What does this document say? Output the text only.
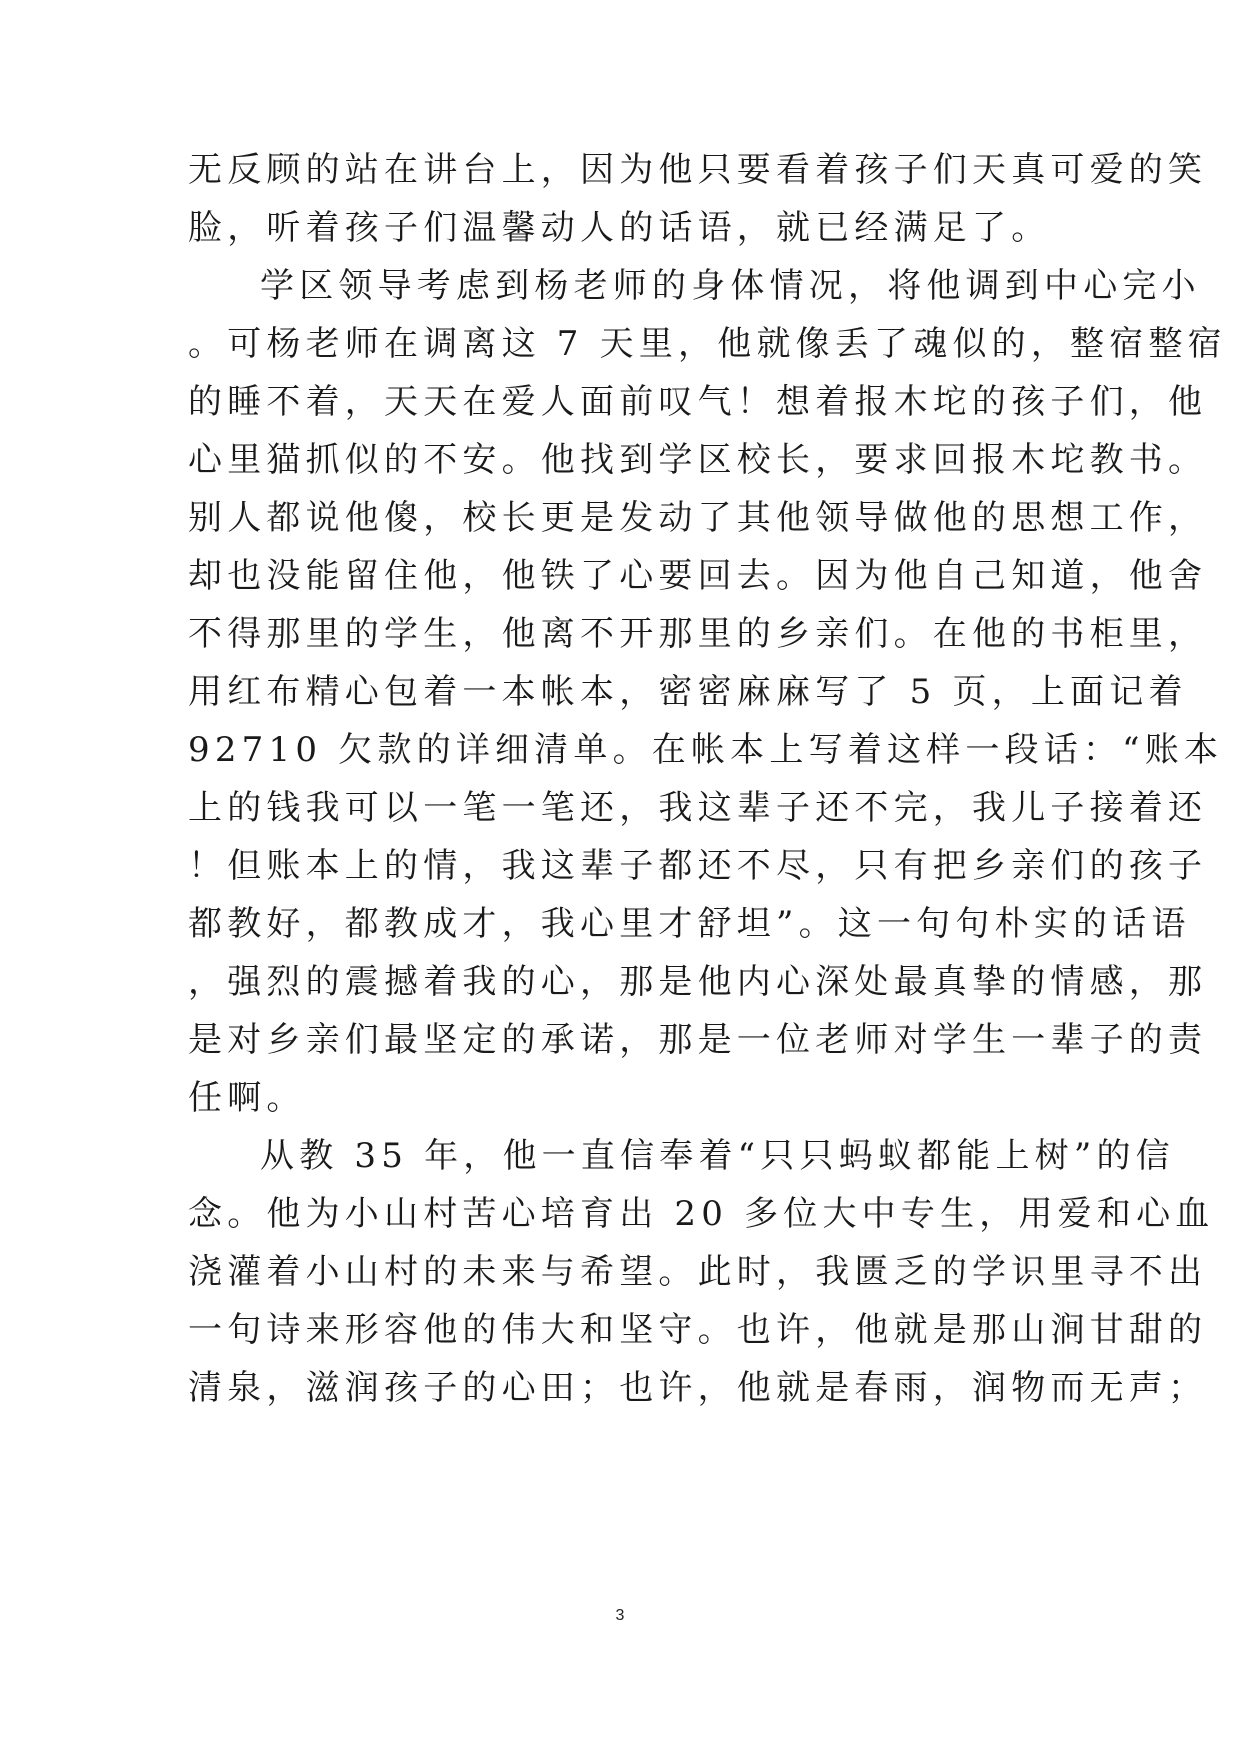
无反顾的站在讲台上，因为他只要看着孩子们天真可爱的笑
脸，听着孩子们温馨动人的话语，就已经满足了。
学区领导考虑到杨老师的身体情况，将他调到中心完小
。可杨老师在调离这 7 天里，他就像丢了魂似的，整宿整宿
的睡不着，天天在爱人面前叹气！想着报木坨的孩子们，他
心里猫抓似的不安。他找到学区校长，要求回报木坨教书。
别人都说他傻，校长更是发动了其他领导做他的思想工作，
却也没能留住他，他铁了心要回去。因为他自己知道，他舍
不得那里的学生，他离不开那里的乡亲们。在他的书柜里，
用红布精心包着一本帐本，密密麻麻写了 5 页，上面记着
92710 欠款的详细清单。在帐本上写着这样一段话：“账本
上的钱我可以一笔一笔还，我这辈子还不完，我儿子接着还
！但账本上的情，我这辈子都还不尽，只有把乡亲们的孩子
都教好，都教成才，我心里才舒坦”。这一句句朴实的话语
，强烈的震撼着我的心，那是他内心深处最真挚的情感，那
是对乡亲们最坚定的承诺，那是一位老师对学生一辈子的责
任啊。
从教 35 年，他一直信奉着“只只蚂蚁都能上树”的信
念。他为小山村苦心培育出 20 多位大中专生，用爱和心血
浇灌着小山村的未来与希望。此时，我匮乏的学识里寻不出
一句诗来形容他的伟大和坚守。也许，他就是那山涧甘甜的
清泉，滋润孩子的心田；也许，他就是春雨，润物而无声；
3
